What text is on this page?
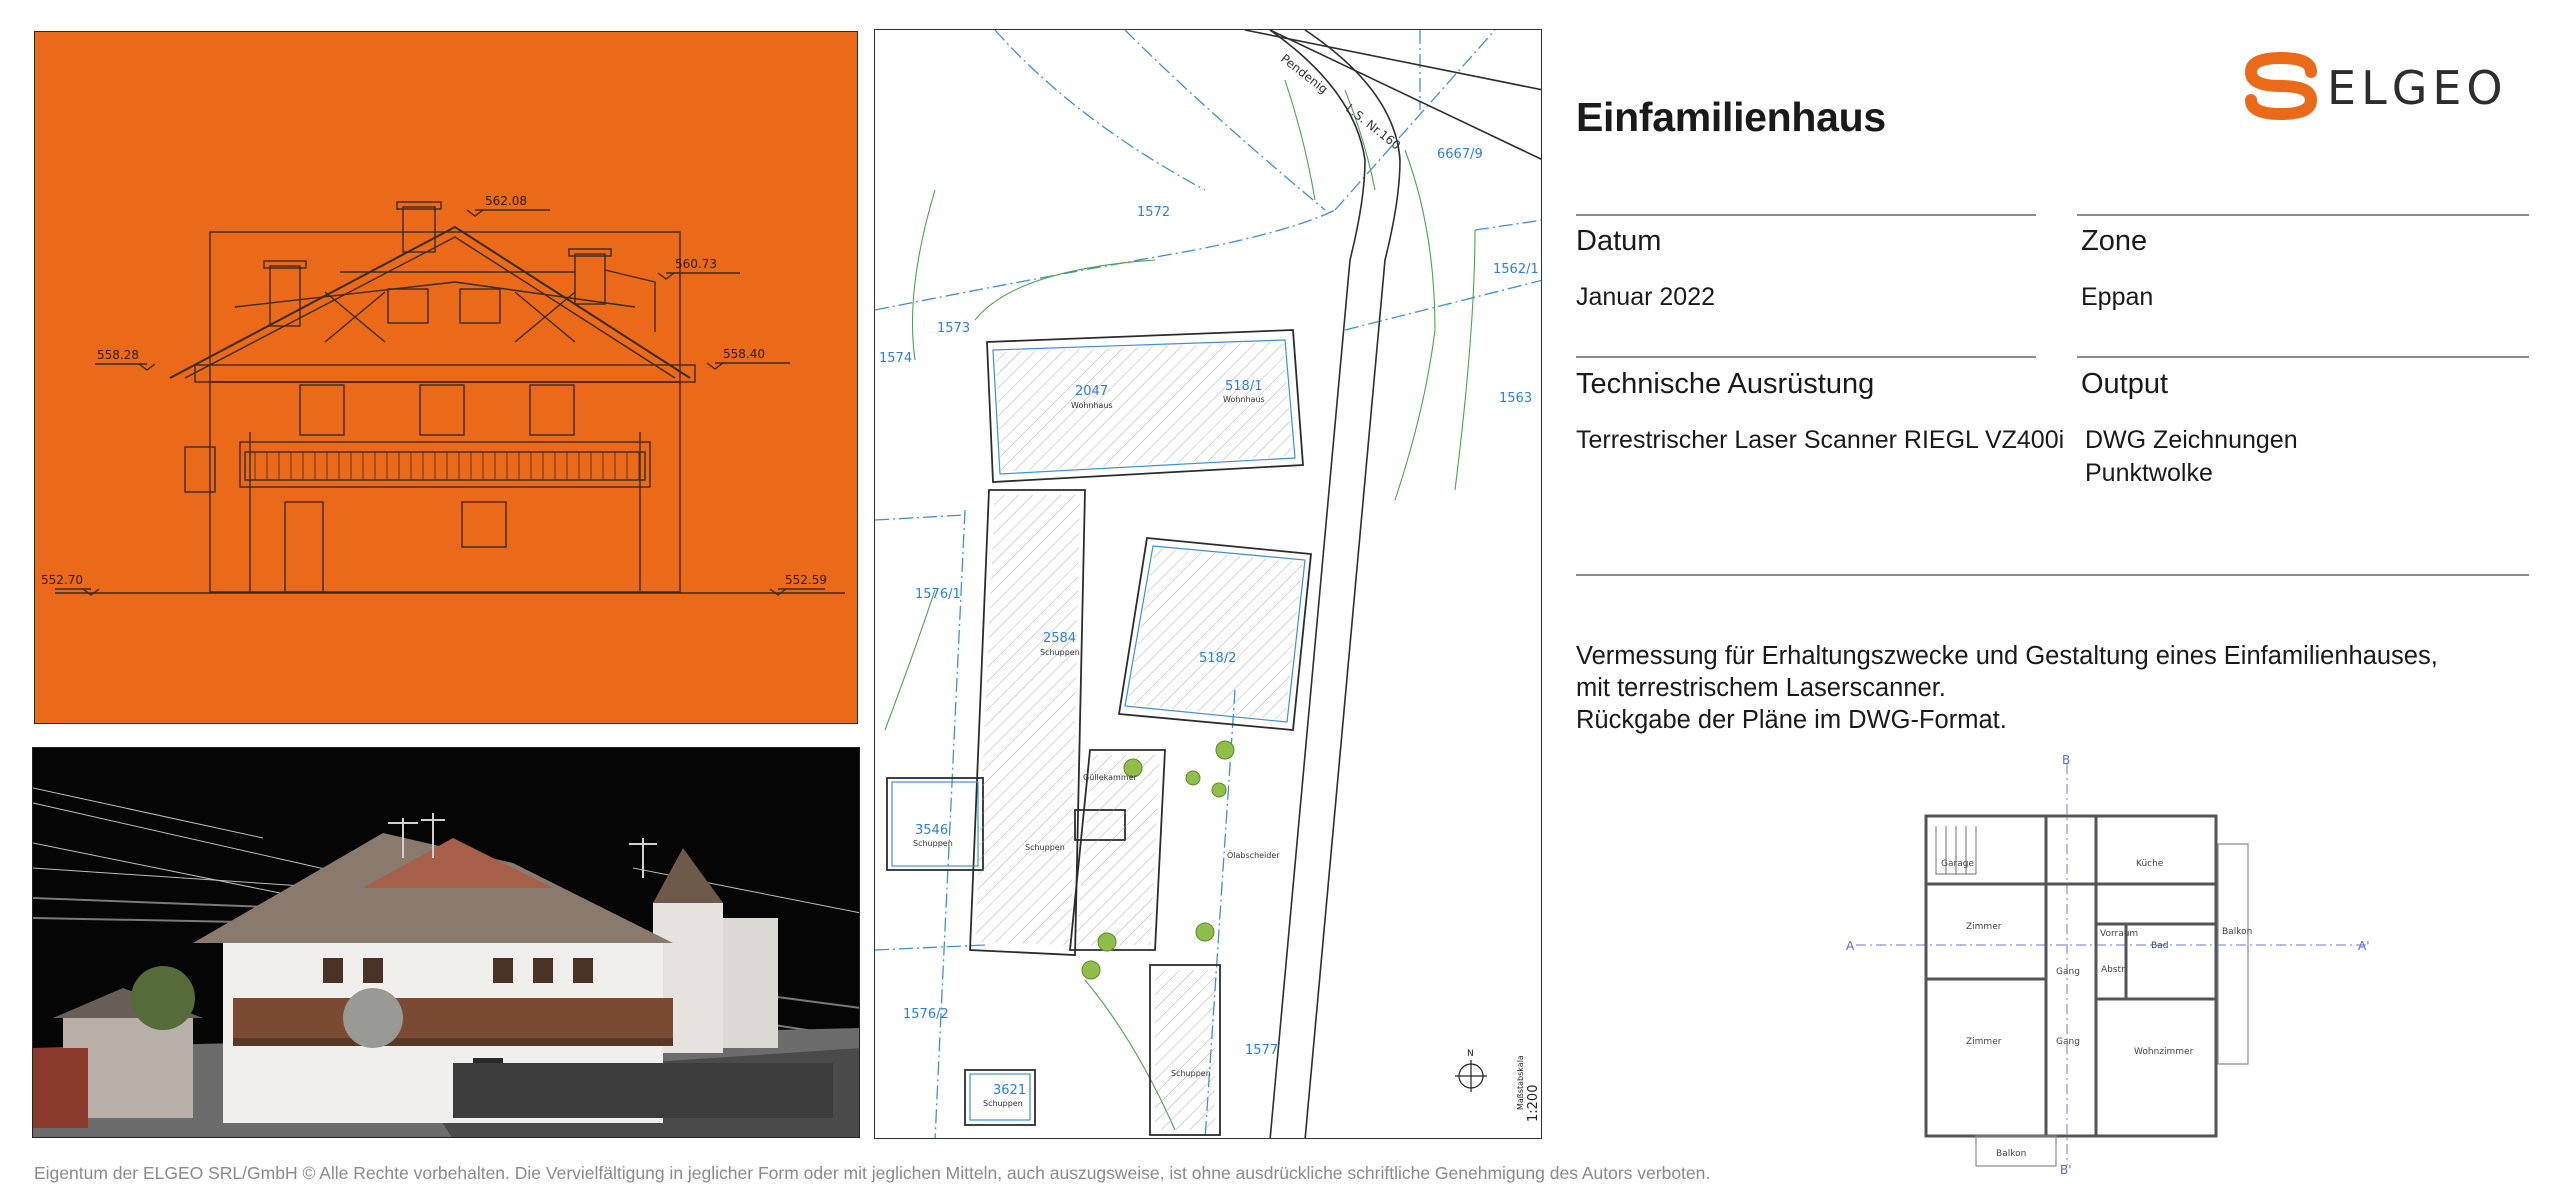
562.08
560.73
558.28	558.40
552.70	552.59
1572
6667/9
1573
1574
1562/1
1563
2047	518/1
1576/1
2584
518/2
3546
1576/2
3621
1577
Wohnhaus
Wohnhaus
Schuppen
Schuppen
Schuppen
Schuppen
Schuppen
Güllekammer
Ölabscheider
Pendenig
L.S. Nr.160
N
Maßstabskala 1:200
ELGEO
Einfamilienhaus
Datum
Januar 2022
Zone
Eppan
Technische Ausrüstung
Terrestrischer Laser Scanner RIEGL VZ400i
Output
DWG Zeichnungen
Punktwolke
Vermessung für Erhaltungszwecke und Gestaltung eines Einfamilienhauses,
mit terrestrischem Laserscanner.
Rückgabe der Pläne im DWG-Format.
Küche
Zimmer
Gang
Vorraum
Bad
Balkon
Zimmer	Gang
Abstr.
Wohnzimmer
Balkon
Garage
A	A'
B
B'
Eigentum der ELGEO SRL/GmbH © Alle Rechte vorbehalten. Die Vervielfältigung in jeglicher Form oder mit jeglichen Mitteln, auch auszugsweise, ist ohne ausdrückliche schriftliche Genehmigung des Autors verboten.
